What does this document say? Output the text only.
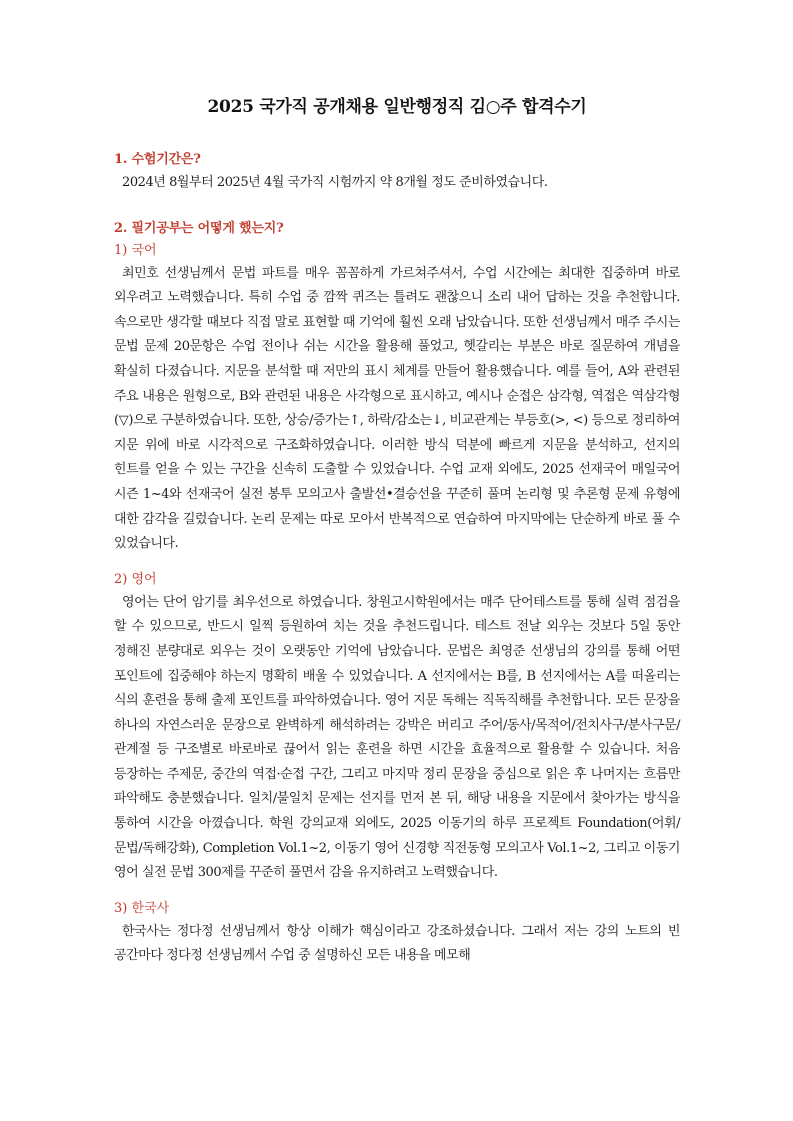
2025 국가직 공개채용 일반행정직 김○주 합격수기

1. 수험기간은?

2024년 8월부터 2025년 4월 국가직 시험까지 약 8개월 정도 준비하였습니다.

2. 필기공부는 어떻게 했는지?

1) 국어

최민호 선생님께서 문법 파트를 매우 꼼꼼하게 가르쳐주셔서, 수업 시간에는 최대한 집중하며 바로 외우려고 노력했습니다. 특히 수업 중 깜짝 퀴즈는 틀려도 괜찮으니 소리 내어 답하는 것을 추천합니다. 속으로만 생각할 때보다 직접 말로 표현할 때 기억에 훨씬 오래 남았습니다. 또한 선생님께서 매주 주시는 문법 문제 20문항은 수업 전이나 쉬는 시간을 활용해 풀었고, 헷갈리는 부분은 바로 질문하여 개념을 확실히 다졌습니다. 지문을 분석할 때 저만의 표시 체계를 만들어 활용했습니다. 예를 들어, A와 관련된 주요 내용은 원형으로, B와 관련된 내용은 사각형으로 표시하고, 예시나 순접은 삼각형, 역접은 역삼각형(▽)으로 구분하였습니다. 또한, 상승/증가는↑, 하락/감소는↓, 비교관계는 부등호(>, <) 등으로 정리하여 지문 위에 바로 시각적으로 구조화하였습니다. 이러한 방식 덕분에 빠르게 지문을 분석하고, 선지의 힌트를 얻을 수 있는 구간을 신속히 도출할 수 있었습니다. 수업 교재 외에도, 2025 선재국어 매일국어 시즌 1~4와 선재국어 실전 봉투 모의고사 출발선•결승선을 꾸준히 풀며 논리형 및 추론형 문제 유형에 대한 감각을 길렀습니다. 논리 문제는 따로 모아서 반복적으로 연습하여 마지막에는 단순하게 바로 풀 수 있었습니다.

2) 영어

영어는 단어 암기를 최우선으로 하였습니다. 창원고시학원에서는 매주 단어테스트를 통해 실력 점검을 할 수 있으므로, 반드시 일찍 등원하여 치는 것을 추천드립니다. 테스트 전날 외우는 것보다 5일 동안 정해진 분량대로 외우는 것이 오랫동안 기억에 남았습니다. 문법은 최영준 선생님의 강의를 통해 어떤 포인트에 집중해야 하는지 명확히 배울 수 있었습니다. A 선지에서는 B를, B 선지에서는 A를 떠올리는 식의 훈련을 통해 출제 포인트를 파악하였습니다. 영어 지문 독해는 직독직해를 추천합니다. 모든 문장을 하나의 자연스러운 문장으로 완벽하게 해석하려는 강박은 버리고 주어/동사/목적어/전치사구/분사구문/관계절 등 구조별로 바로바로 끊어서 읽는 훈련을 하면 시간을 효율적으로 활용할 수 있습니다. 처음 등장하는 주제문, 중간의 역접·순접 구간, 그리고 마지막 정리 문장을 중심으로 읽은 후 나머지는 흐름만 파악해도 충분했습니다. 일치/불일치 문제는 선지를 먼저 본 뒤, 해당 내용을 지문에서 찾아가는 방식을 통하여 시간을 아꼈습니다. 학원 강의교재 외에도, 2025 이동기의 하루 프로젝트 Foundation(어휘/문법/독해강화), Completion Vol.1~2, 이동기 영어 신경향 직전동형 모의고사 Vol.1~2, 그리고 이동기 영어 실전 문법 300제를 꾸준히 풀면서 감을 유지하려고 노력했습니다.

3) 한국사

한국사는 정다정 선생님께서 항상 이해가 핵심이라고 강조하셨습니다. 그래서 저는 강의 노트의 빈 공간마다 정다정 선생님께서 수업 중 설명하신 모든 내용을 메모해
